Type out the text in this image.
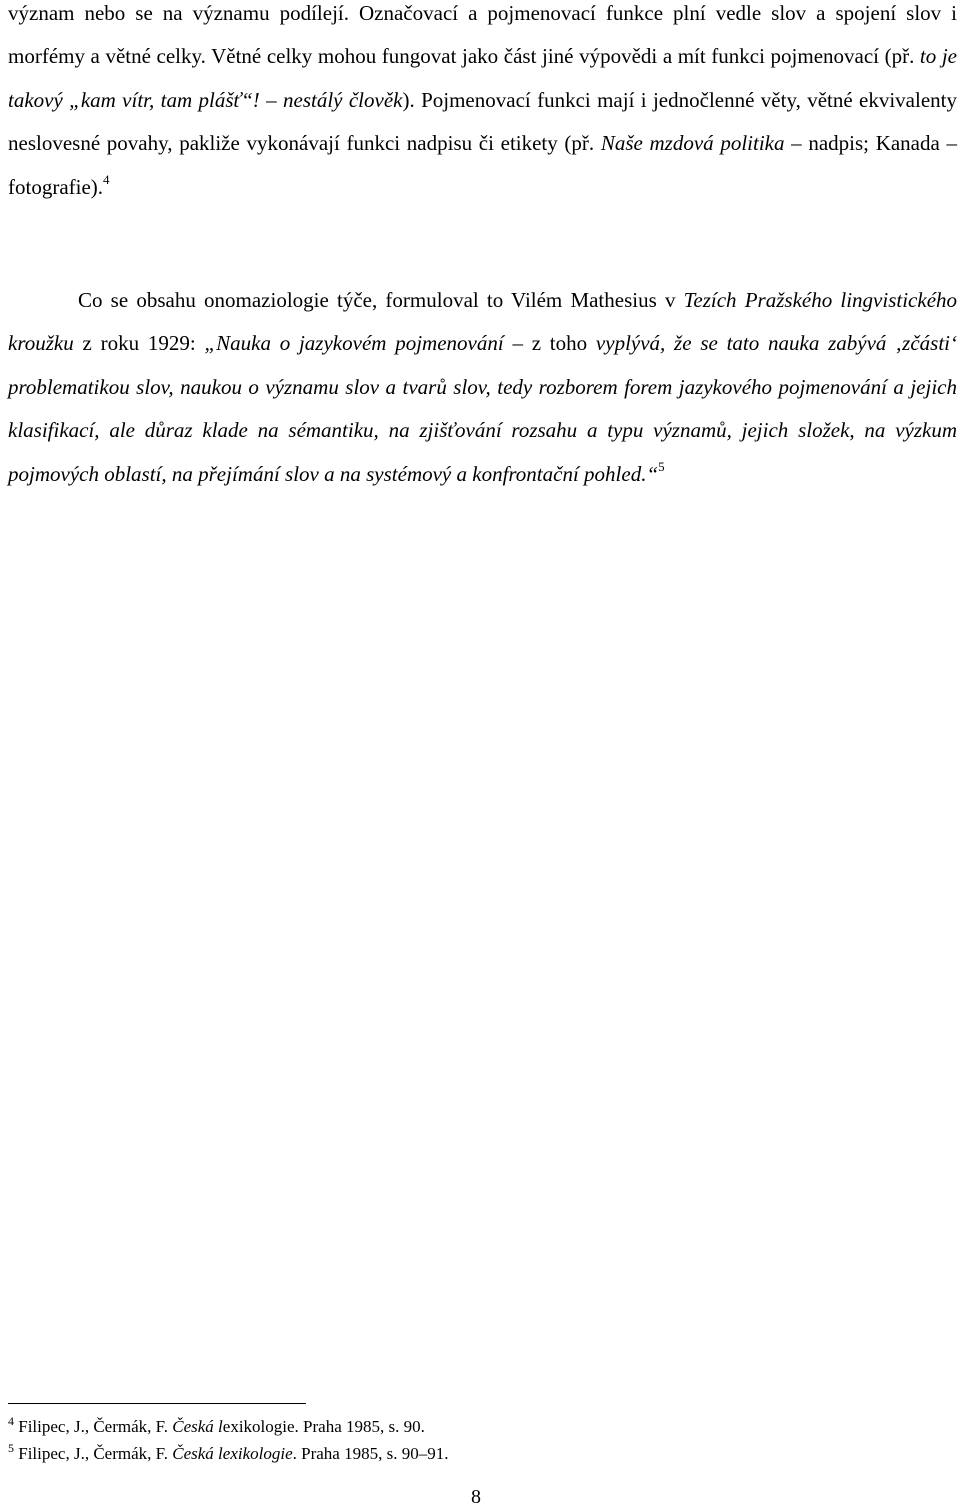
význam nebo se na významu podílejí. Označovací a pojmenovací funkce plní vedle slov a spojení slov i morfémy a větné celky. Větné celky mohou fungovat jako část jiné výpovědi a mít funkci pojmenovací (př. to je takový „kam vítr, tam plášť“! – nestálý člověk). Pojmenovací funkci mají i jednočlenné věty, větné ekvivalenty neslovesné povahy, pakliže vykonávají funkci nadpisu či etikety (př. Naše mzdová politika – nadpis; Kanada – fotografie).$^4$

Co se obsahu onomaziologie týče, formuloval to Vilém Mathesius v Tezích Pražského lingvistického kroužku z roku 1929: „Nauka o jazykovém pojmenování – z toho vyplývá, že se tato nauka zabývá ‚zčásti‘ problematikou slov, naukou o významu slov a tvarů slov, tedy rozborem forem jazykového pojmenování a jejich klasifikací, ale důraz klade na sémantiku, na zjišťování rozsahu a typu významů, jejich složek, na výzkum pojmových oblastí, na přejímání slov a na systémový a konfrontační pohled.“$^5$

$^4$ Filipec, J., Čermák, F. Česká lexikologie. Praha 1985, s. 90.

$^5$ Filipec, J., Čermák, F. Česká lexikologie. Praha 1985, s. 90–91.

8
